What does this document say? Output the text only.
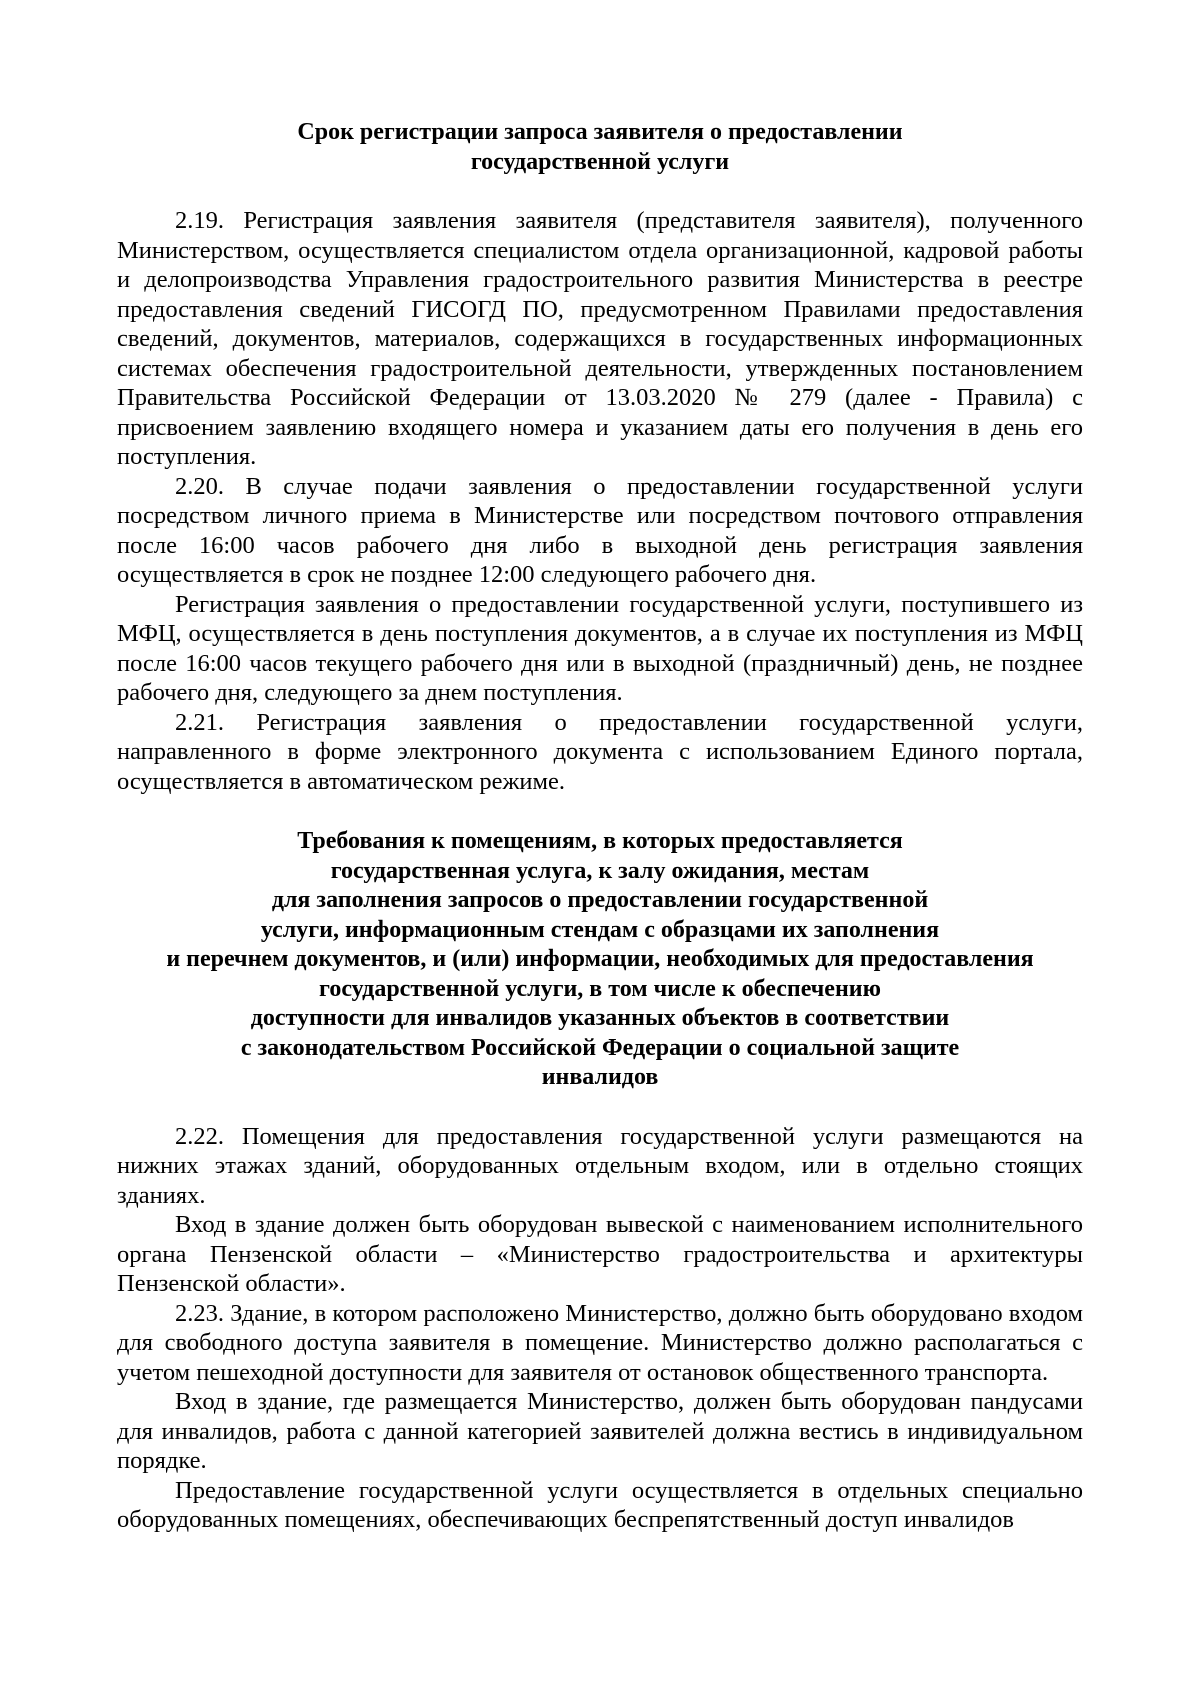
Срок регистрации запроса заявителя о предоставлении
государственной услуги

2.19. Регистрация заявления заявителя (представителя заявителя), полученного Министерством, осуществляется специалистом отдела организационной, кадровой работы и делопроизводства Управления градостроительного развития Министерства в реестре предоставления сведений ГИСОГД ПО, предусмотренном Правилами предоставления сведений, документов, материалов, содержащихся в государственных информационных системах обеспечения градостроительной деятельности, утвержденных постановлением Правительства Российской Федерации от 13.03.2020 № 279 (далее - Правила) с присвоением заявлению входящего номера и указанием даты его получения в день его поступления.

2.20. В случае подачи заявления о предоставлении государственной услуги посредством личного приема в Министерстве или посредством почтового отправления после 16:00 часов рабочего дня либо в выходной день регистрация заявления осуществляется в срок не позднее 12:00 следующего рабочего дня.

Регистрация заявления о предоставлении государственной услуги, поступившего из МФЦ, осуществляется в день поступления документов, а в случае их поступления из МФЦ после 16:00 часов текущего рабочего дня или в выходной (праздничный) день, не позднее рабочего дня, следующего за днем поступления.

2.21. Регистрация заявления о предоставлении государственной услуги, направленного в форме электронного документа с использованием Единого портала, осуществляется в автоматическом режиме.

Требования к помещениям, в которых предоставляется
государственная услуга, к залу ожидания, местам
для заполнения запросов о предоставлении государственной
услуги, информационным стендам с образцами их заполнения
и перечнем документов, и (или) информации, необходимых для предоставления
государственной услуги, в том числе к обеспечению
доступности для инвалидов указанных объектов в соответствии
с законодательством Российской Федерации о социальной защите
инвалидов

2.22. Помещения для предоставления государственной услуги размещаются на нижних этажах зданий, оборудованных отдельным входом, или в отдельно стоящих зданиях.

Вход в здание должен быть оборудован вывеской с наименованием исполнительного органа Пензенской области – «Министерство градостроительства и архитектуры Пензенской области».

2.23. Здание, в котором расположено Министерство, должно быть оборудовано входом для свободного доступа заявителя в помещение. Министерство должно располагаться с учетом пешеходной доступности для заявителя от остановок общественного транспорта.

Вход в здание, где размещается Министерство, должен быть оборудован пандусами для инвалидов, работа с данной категорией заявителей должна вестись в индивидуальном порядке.

Предоставление государственной услуги осуществляется в отдельных специально оборудованных помещениях, обеспечивающих беспрепятственный доступ инвалидов
